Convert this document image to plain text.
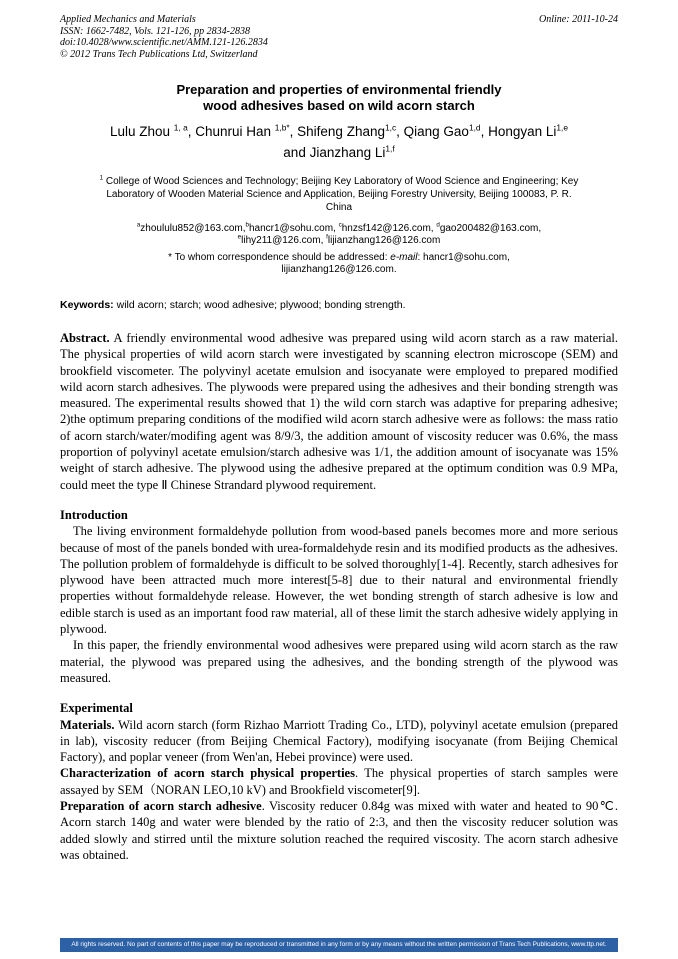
Applied Mechanics and Materials	Online: 2011-10-24
ISSN: 1662-7482, Vols. 121-126, pp 2834-2838
doi:10.4028/www.scientific.net/AMM.121-126.2834
© 2012 Trans Tech Publications Ltd, Switzerland
Preparation and properties of environmental friendly
wood adhesives based on wild acorn starch
Lulu Zhou $^{1, a}$, Chunrui Han $^{1,b*}$, Shifeng Zhang$^{1,c}$, Qiang Gao$^{1,d}$, Hongyan Li$^{1,e}$
and Jianzhang Li$^{1,f}$
$^1$ College of Wood Sciences and Technology; Beijing Key Laboratory of Wood Science and Engineering; Key Laboratory of Wooden Material Science and Application, Beijing Forestry University, Beijing 100083, P. R. China
$^a$zhoululu852@163.com,$^b$hancr1@sohu.com, $^c$hnzsf142@126.com, $^d$gao200482@163.com,
$^e$lihy211@126.com, $^f$lijianzhang126@126.com
* To whom correspondence should be addressed: e-mail: hancr1@sohu.com,
lijianzhang126@126.com.

Keywords: wild acorn; starch; wood adhesive; plywood; bonding strength.

Abstract. A friendly environmental wood adhesive was prepared using wild acorn starch as a raw material. The physical properties of wild acorn starch were investigated by scanning electron microscope (SEM) and brookfield viscometer. The polyvinyl acetate emulsion and isocyanate were employed to prepared modified wild acorn starch adhesives. The plywoods were prepared using the adhesives and their bonding strength was measured. The experimental results showed that 1) the wild corn starch was adaptive for preparing adhesive; 2)the optimum preparing conditions of the modified wild acorn starch adhesive were as follows: the mass ratio of acorn starch/water/modifing agent was 8/9/3, the addition amount of viscosity reducer was 0.6%, the mass proportion of polyvinyl acetate emulsion/starch adhesive was 1/1, the addition amount of isocyanate was 15% weight of starch adhesive. The plywood using the adhesive prepared at the optimum condition was 0.9 MPa, could meet the type Ⅱ Chinese Strandard plywood requirement.

Introduction

The living environment formaldehyde pollution from wood-based panels becomes more and more serious because of most of the panels bonded with urea-formaldehyde resin and its modified products as the adhesives. The pollution problem of formaldehyde is difficult to be solved thoroughly[1-4]. Recently, starch adhesives for plywood have been attracted much more interest[5-8] due to their natural and environmental friendly properties without formaldehyde release. However, the wet bonding strength of starch adhesive is low and edible starch is used as an important food raw material, all of these limit the starch adhesive widely applying in plywood.

In this paper, the friendly environmental wood adhesives were prepared using wild acorn starch as the raw material, the plywood was prepared using the adhesives, and the bonding strength of the plywood was measured.

Experimental

Materials. Wild acorn starch (form Rizhao Marriott Trading Co., LTD), polyvinyl acetate emulsion (prepared in lab), viscosity reducer (from Beijing Chemical Factory), modifying isocyanate (from Beijing Chemical Factory), and poplar veneer (from Wen'an, Hebei province) were used.

Characterization of acorn starch physical properties. The physical properties of starch samples were assayed by SEM（NORAN LEO,10 kV) and Brookfield viscometer[9].

Preparation of acorn starch adhesive. Viscosity reducer 0.84g was mixed with water and heated to 90℃. Acorn starch 140g and water were blended by the ratio of 2:3, and then the viscosity reducer solution was added slowly and stirred until the mixture solution reached the required viscosity. The acorn starch adhesive was obtained.

All rights reserved. No part of contents of this paper may be reproduced or transmitted in any form or by any means without the written permission of Trans Tech Publications, www.ttp.net.
